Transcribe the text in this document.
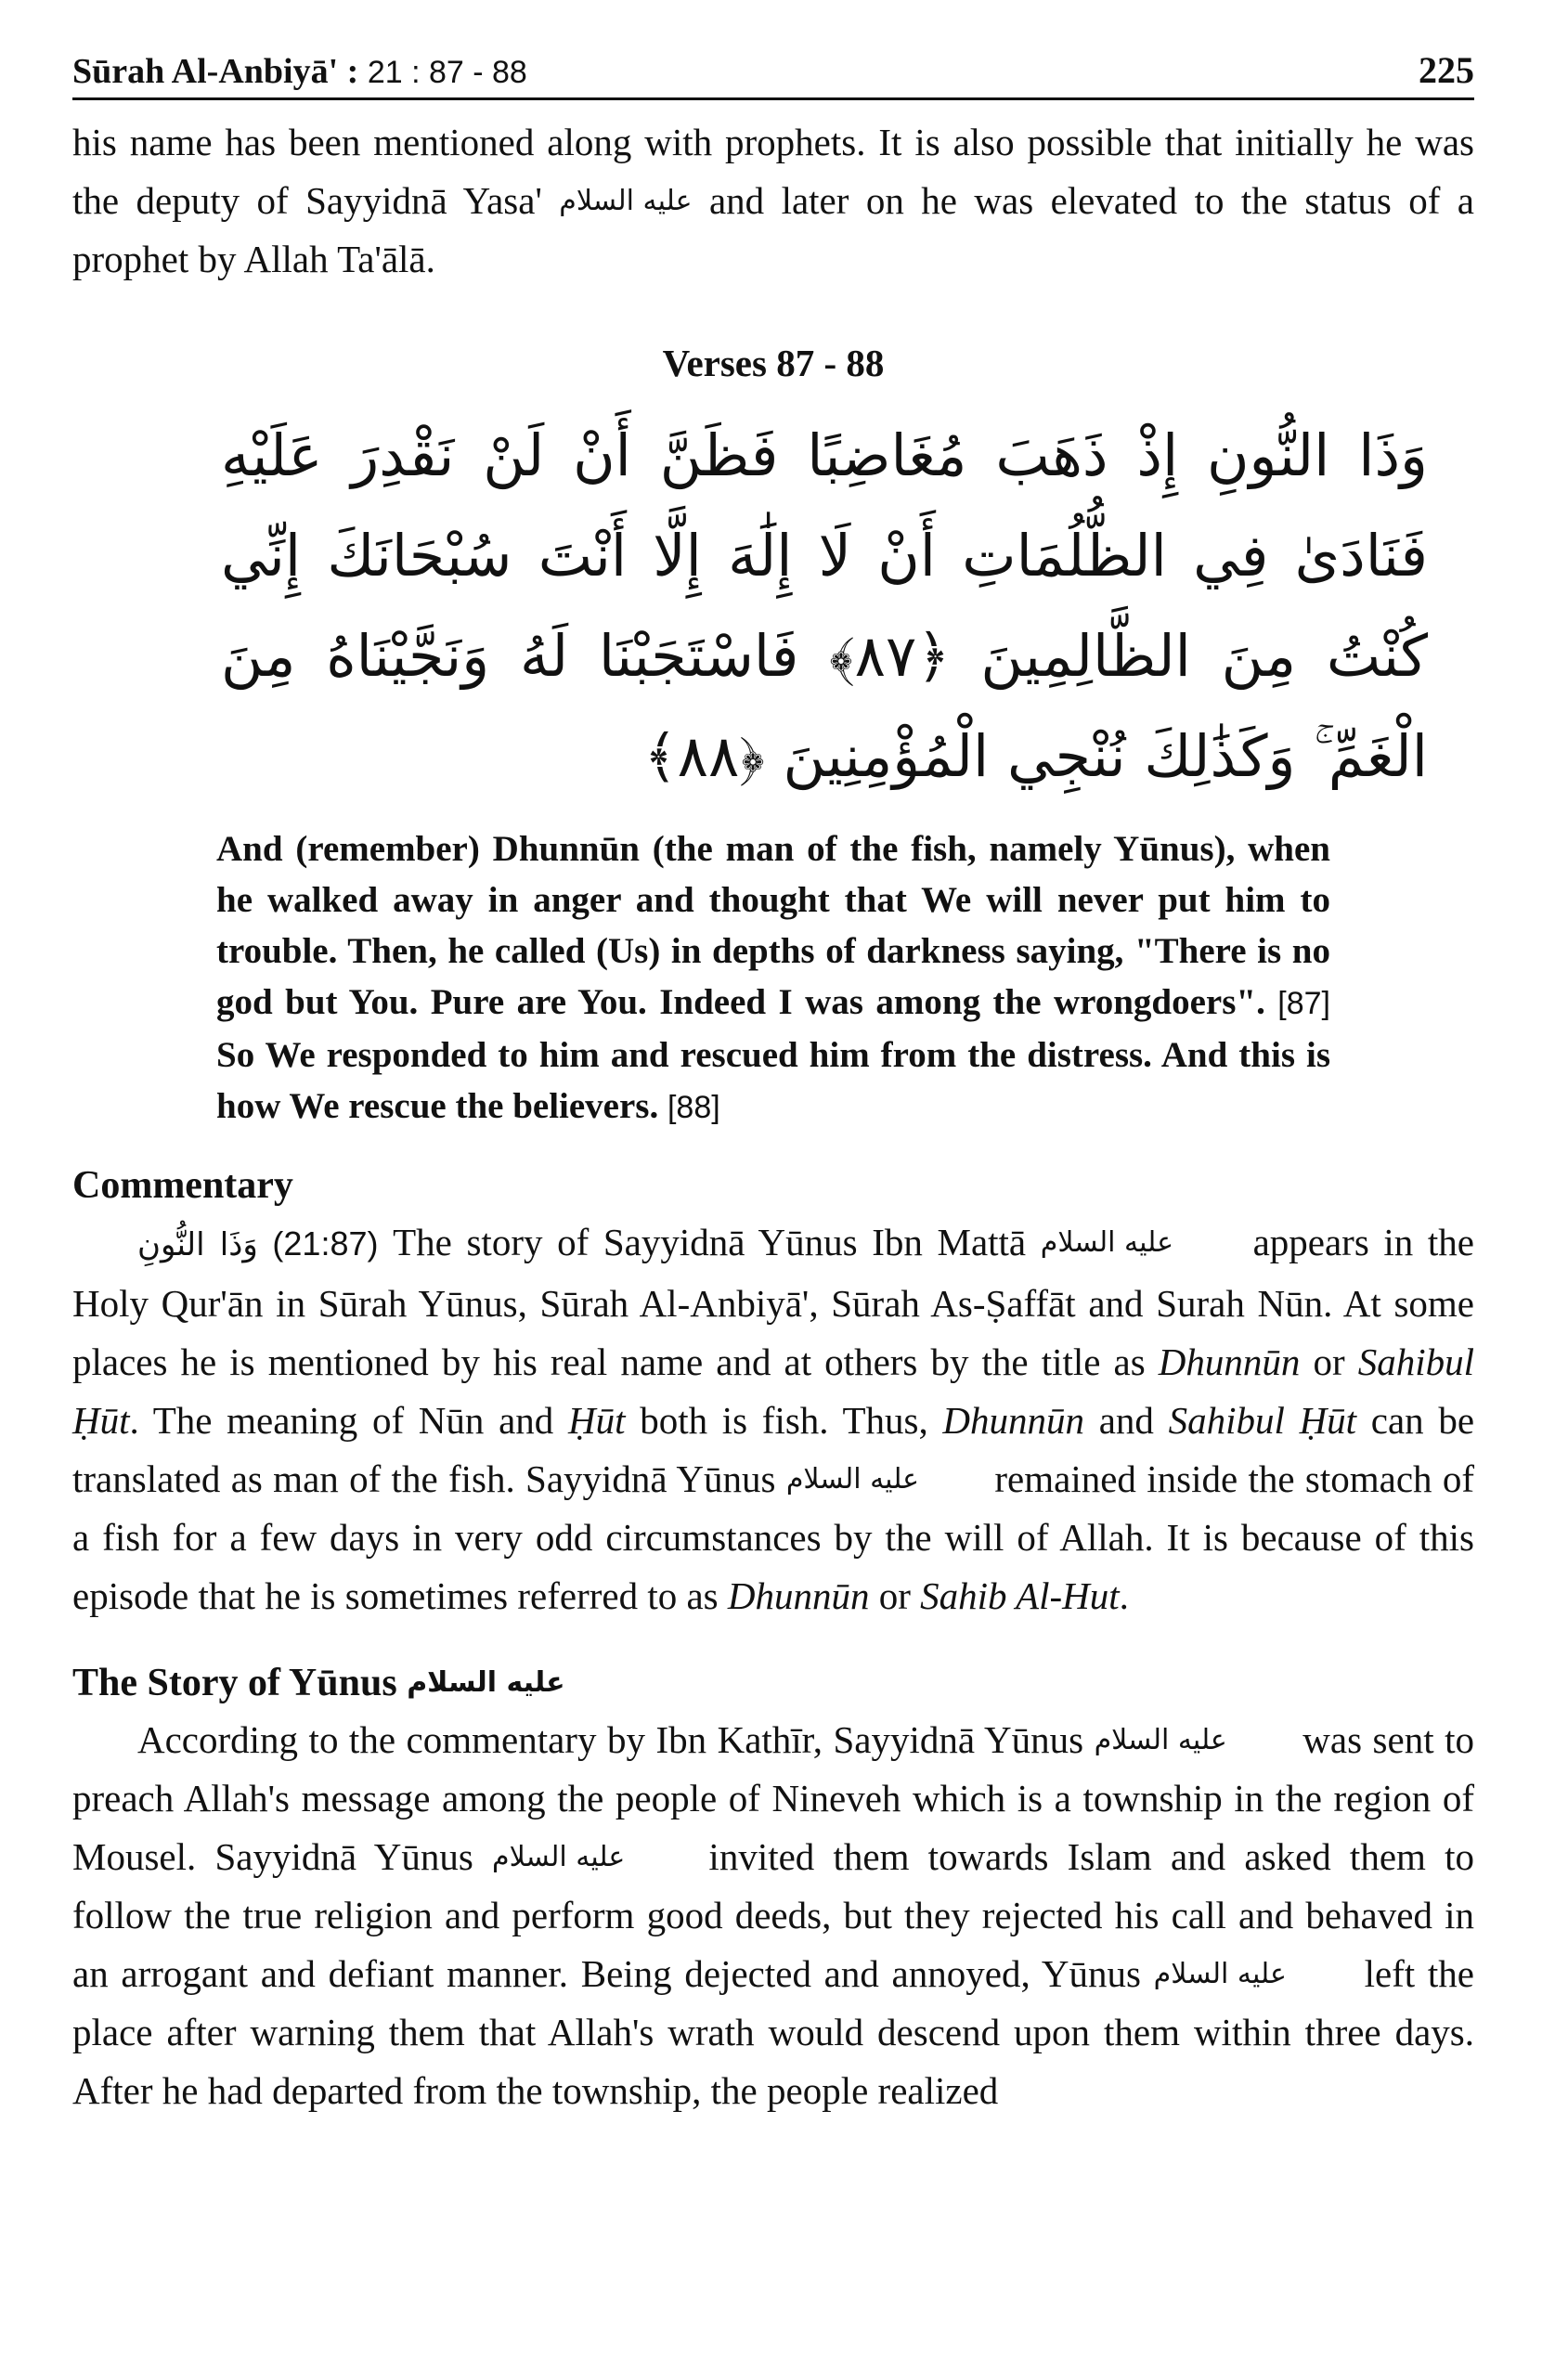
Sūrah Al-Anbiyā' : 21 : 87 - 88	225

his name has been mentioned along with prophets. It is also possible that initially he was the deputy of Sayyidnā Yasa' عليه السلام and later on he was elevated to the status of a prophet by Allah Ta'ālā.

Verses 87 - 88
وَذَا النُّونِ إِذْ ذَهَبَ مُغَاضِبًا فَظَنَّ أَنْ لَنْ نَقْدِرَ عَلَيْهِ فَنَادَىٰ فِي الظُّلُمَاتِ أَنْ لَا إِلَٰهَ إِلَّا أَنْتَ سُبْحَانَكَ إِنِّي كُنْتُ مِنَ الظَّالِمِينَ ﴿٨٧﴾ فَاسْتَجَبْنَا لَهُ وَنَجَّيْنَاهُ مِنَ الْغَمِّ ۚ وَكَذَٰلِكَ نُنْجِي الْمُؤْمِنِينَ ﴿٨٨﴾

And (remember) Dhunnūn (the man of the fish, namely Yūnus), when he walked away in anger and thought that We will never put him to trouble. Then, he called (Us) in depths of darkness saying, "There is no god but You. Pure are You. Indeed I was among the wrongdoers". [87] So We responded to him and rescued him from the distress. And this is how We rescue the believers. [88]

Commentary

وَذَا النُّونِ (21:87) The story of Sayyidnā Yūnus Ibn Mattā عليه السلام appears in the Holy Qur'ān in Sūrah Yūnus, Sūrah Al-Anbiyā', Sūrah As-Ṣaffāt and Surah Nūn. At some places he is mentioned by his real name and at others by the title as Dhunnūn or Sahibul Ḥūt. The meaning of Nūn and Ḥūt both is fish. Thus, Dhunnūn and Sahibul Ḥūt can be translated as man of the fish. Sayyidnā Yūnus عليه السلام remained inside the stomach of a fish for a few days in very odd circumstances by the will of Allah. It is because of this episode that he is sometimes referred to as Dhunnūn or Sahib Al-Hut.

The Story of Yūnus عليه السلام

According to the commentary by Ibn Kathīr, Sayyidnā Yūnus عليه السلام was sent to preach Allah's message among the people of Nineveh which is a township in the region of Mousel. Sayyidnā Yūnus عليه السلام invited them towards Islam and asked them to follow the true religion and perform good deeds, but they rejected his call and behaved in an arrogant and defiant manner. Being dejected and annoyed, Yūnus عليه السلام left the place after warning them that Allah's wrath would descend upon them within three days. After he had departed from the township, the people realized
